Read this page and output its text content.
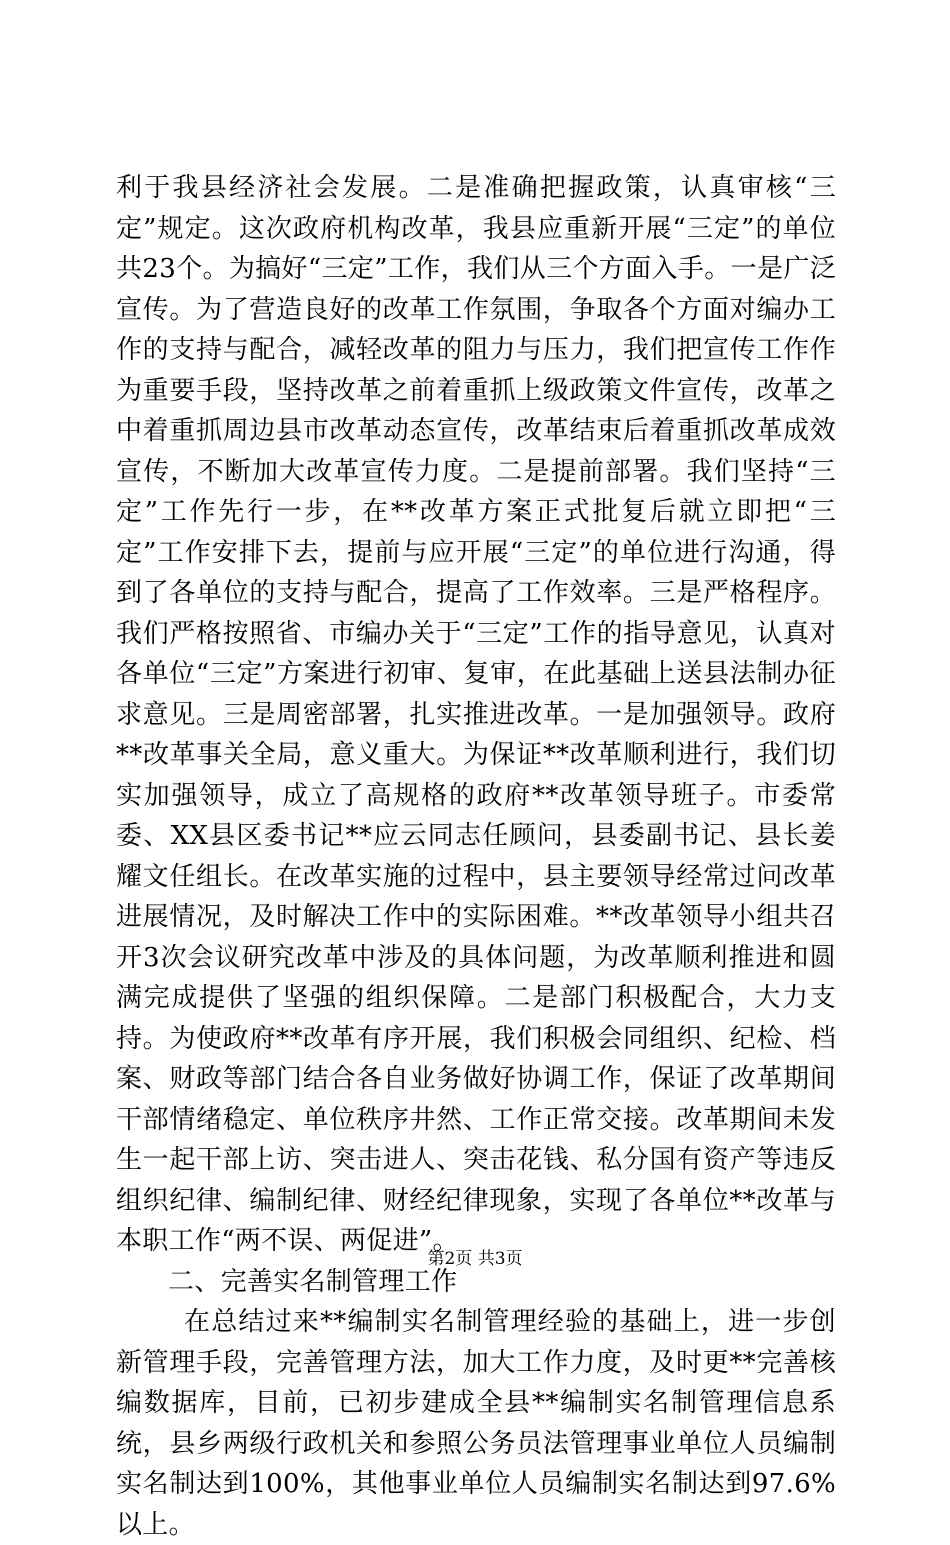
利于我县经济社会发展。二是准确把握政策，认真审核“三定”规定。这次政府机构改革，我县应重新开展“三定”的单位共23个。为搞好“三定”工作，我们从三个方面入手。一是广泛宣传。为了营造良好的改革工作氛围，争取各个方面对编办工作的支持与配合，减轻改革的阻力与压力，我们把宣传工作作为重要手段，坚持改革之前着重抓上级政策文件宣传，改革之中着重抓周边县市改革动态宣传，改革结束后着重抓改革成效宣传，不断加大改革宣传力度。二是提前部署。我们坚持“三定”工作先行一步，在**改革方案正式批复后就立即把“三定”工作安排下去，提前与应开展“三定”的单位进行沟通，得到了各单位的支持与配合，提高了工作效率。三是严格程序。我们严格按照省、市编办关于“三定”工作的指导意见，认真对各单位“三定”方案进行初审、复审，在此基础上送县法制办征求意见。三是周密部署，扎实推进改革。一是加强领导。政府**改革事关全局，意义重大。为保证**改革顺利进行，我们切实加强领导，成立了高规格的政府**改革领导班子。市委常委、XX县区委书记**应云同志任顾问，县委副书记、县长姜耀文任组长。在改革实施的过程中，县主要领导经常过问改革进展情况，及时解决工作中的实际困难。**改革领导小组共召开3次会议研究改革中涉及的具体问题，为改革顺利推进和圆满完成提供了坚强的组织保障。二是部门积极配合，大力支持。为使政府**改革有序开展，我们积极会同组织、纪检、档案、财政等部门结合各自业务做好协调工作，保证了改革期间干部情绪稳定、单位秩序井然、工作正常交接。改革期间未发生一起干部上访、突击进人、突击花钱、私分国有资产等违反组织纪律、编制纪律、财经纪律现象，实现了各单位**改革与本职工作“两不误、两促进”。

二、完善实名制管理工作

在总结过来**编制实名制管理经验的基础上，进一步创新管理手段，完善管理方法，加大工作力度，及时更**完善核编数据库，目前，已初步建成全县**编制实名制管理信息系统，县乡两级行政机关和参照公务员法管理事业单位人员编制实名制达到100%，其他事业单位人员编制实名制达到97.6%以上。

第2页 共3页
